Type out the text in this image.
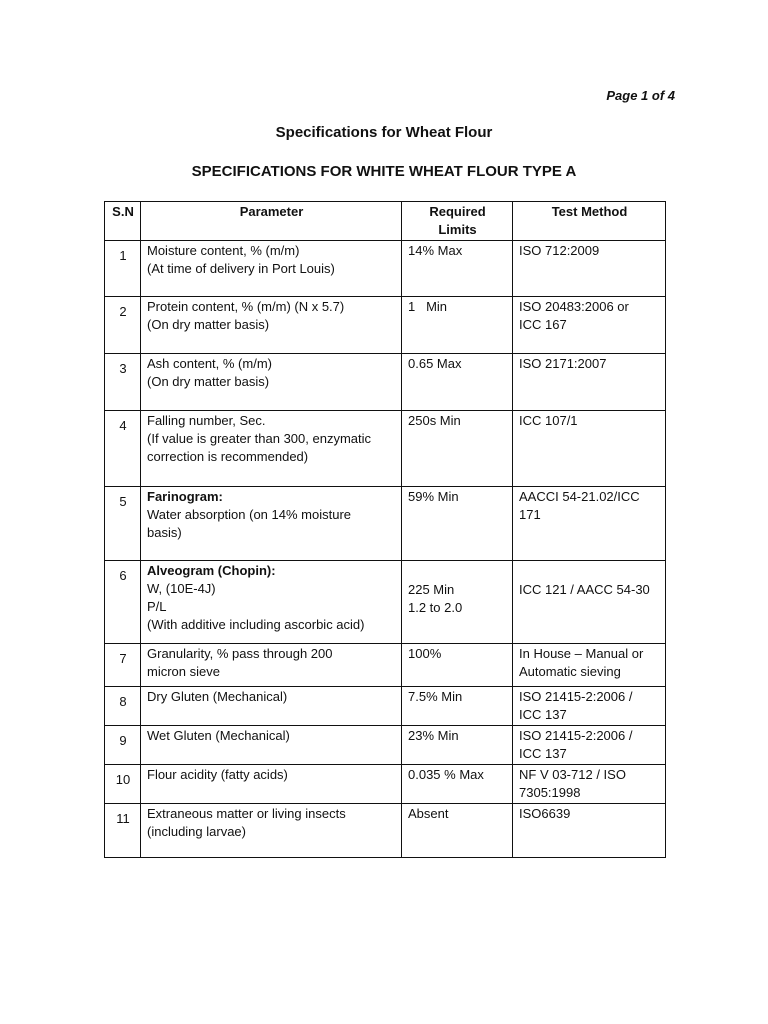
Page 1 of 4
Specifications for Wheat Flour
SPECIFICATIONS FOR WHITE WHEAT FLOUR TYPE A
S.N	Parameter	Required
Limits	Test Method
1	Moisture content, % (m/m)
(At time of delivery in Port Louis)	14% Max	ISO 712:2009

2	Protein content, % (m/m) (N x 5.7)
(On dry matter basis)	1   Min	ISO 20483:2006 or
ICC 167

3	Ash content, % (m/m)
(On dry matter basis)	0.65 Max	ISO 2171:2007

4	Falling number, Sec.
(If value is greater than 300, enzymatic
correction is recommended)	250s Min	ICC 107/1

5	Farinogram:
Water absorption (on 14% moisture
basis)	59% Min	AACCI 54-21.02/ICC
171

6	Alveogram (Chopin):
W, (10E-4J)
P/L
(With additive including ascorbic acid)	225 Min
1.2 to 2.0	ICC 121 / AACC 54-30

7	Granularity, % pass through 200
micron sieve	100%	In House – Manual or
Automatic sieving

8	Dry Gluten (Mechanical)	7.5% Min	ISO 21415-2:2006 /
ICC 137

9	Wet Gluten (Mechanical)	23% Min	ISO 21415-2:2006 /
ICC 137

10	Flour acidity (fatty acids)	0.035 % Max	NF V 03-712 / ISO
7305:1998

11	Extraneous matter or living insects
(including larvae)	Absent	ISO6639
